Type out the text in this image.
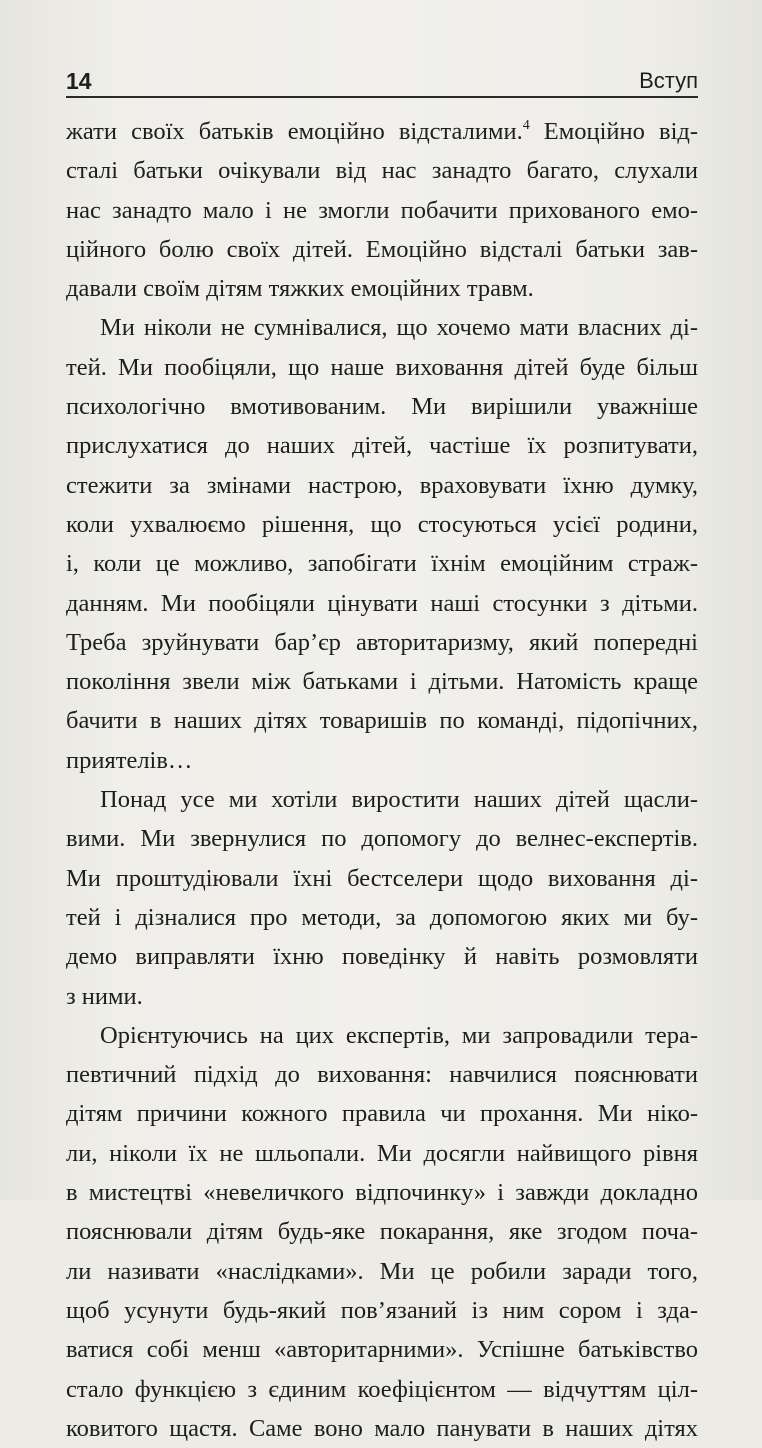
14	Вступ
жати своїх батьків емоційно відсталими.$^4$ Емоційно від-
сталі батьки очікували від нас занадто багато, слухали
нас занадто мало і не змогли побачити прихованого емо-
ційного болю своїх дітей. Емоційно відсталі батьки зав-
давали своїм дітям тяжких емоційних травм.
Ми ніколи не сумнівалися, що хочемо мати власних ді-
тей. Ми пообіцяли, що наше виховання дітей буде більш
психологічно вмотивованим. Ми вирішили уважніше
прислухатися до наших дітей, частіше їх розпитувати,
стежити за змінами настрою, враховувати їхню думку,
коли ухвалюємо рішення, що стосуються усієї родини,
і, коли це можливо, запобігати їхнім емоційним страж-
данням. Ми пообіцяли цінувати наші стосунки з дітьми.
Треба зруйнувати бар’єр авторитаризму, який попередні
покоління звели між батьками і дітьми. Натомість краще
бачити в наших дітях товаришів по команді, підопічних,
приятелів…
Понад усе ми хотіли виростити наших дітей щасли-
вими. Ми звернулися по допомогу до велнес-експертів.
Ми проштудіювали їхні бестселери щодо виховання ді-
тей і дізналися про методи, за допомогою яких ми бу-
демо виправляти їхню поведінку й навіть розмовляти
з ними.
Орієнтуючись на цих експертів, ми запровадили тера-
певтичний підхід до виховання: навчилися пояснювати
дітям причини кожного правила чи прохання. Ми ніко-
ли, ніколи їх не шльопали. Ми досягли найвищого рівня
в мистецтві «невеличкого відпочинку» і завжди докладно
пояснювали дітям будь-яке покарання, яке згодом поча-
ли називати «наслідками». Ми це робили заради того,
щоб усунути будь-який пов’язаний із ним сором і зда-
ватися собі менш «авторитарними». Успішне батьківство
стало функцією з єдиним коефіцієнтом — відчуттям ціл-
ковитого щастя. Саме воно мало панувати в наших дітях
